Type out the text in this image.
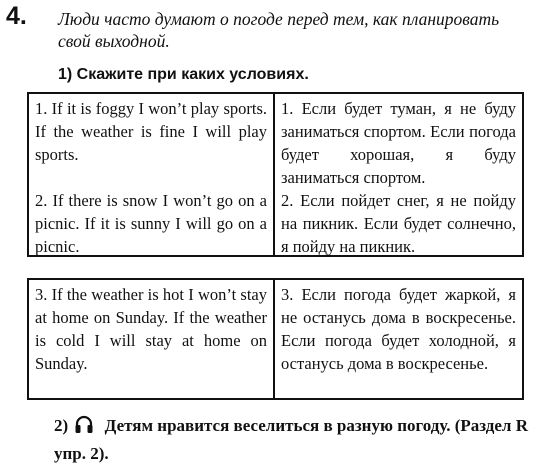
4. Люди часто думают о погоде перед тем, как планировать свой выходной.
1) Скажите при каких условиях.
1. If it is foggy I won’t play sports. If the weather is fine I will play sports.
2. If there is snow I won’t go on a picnic. If it is sunny I will go on a picnic.
1. Если будет туман, я не буду заниматься спортом. Если погода будет хорошая, я буду заниматься спортом.
2. Если пойдет снег, я не пойду на пикник. Если будет солнечно, я пойду на пикник.
3. If the weather is hot I won’t stay at home on Sunday. If the weather is cold I will stay at home on Sunday.
3. Если погода будет жаркой, я не останусь дома в воскресенье. Если погода будет холодной, я останусь дома в воскресенье.
2) Детям нравится веселиться в разную погоду. (Раздел R упр. 2).
